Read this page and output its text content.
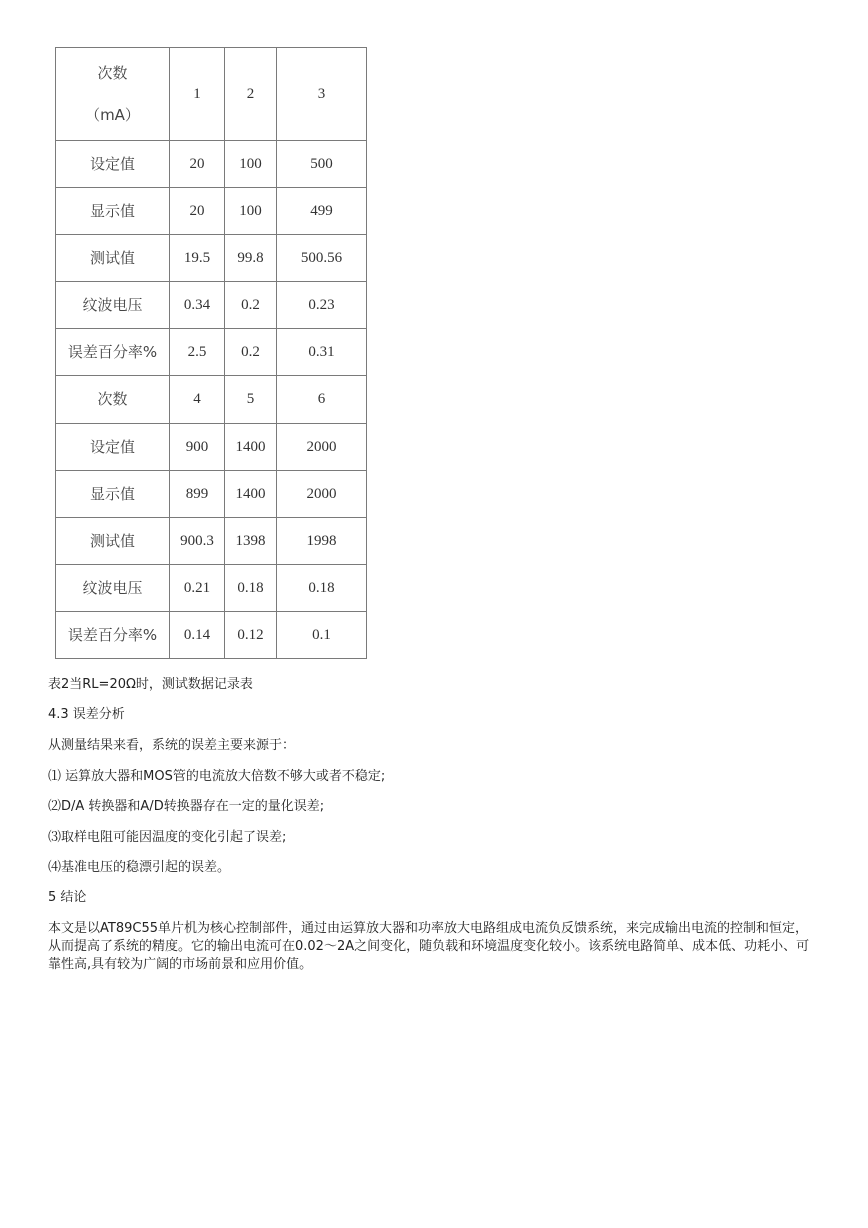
次数
（mA）	1	2	3
设定值	20	100	500
显示值	20	100	499
测试值	19.5	99.8	500.56
纹波电压	0.34	0.2	0.23
误差百分率%	2.5	0.2	0.31
次数	4	5	6
设定值	900	1400	2000
显示值	899	1400	2000
测试值	900.3	1398	1998
纹波电压	0.21	0.18	0.18
误差百分率%	0.14	0.12	0.1
表2当RL=20Ω时，测试数据记录表
4.3 误差分析
从测量结果来看，系统的误差主要来源于：
⑴ 运算放大器和MOS管的电流放大倍数不够大或者不稳定;
⑵D/A 转换器和A/D转换器存在一定的量化误差;
⑶取样电阻可能因温度的变化引起了误差;
⑷基准电压的稳漂引起的误差。
5 结论
本文是以AT89C55单片机为核心控制部件，通过由运算放大器和功率放大电路组成电流负反馈系统，来完成输出电流的控制和恒定，从而提高了系统的精度。它的输出电流可在0.02～2A之间变化，随负载和环境温度变化较小。该系统电路简单、成本低、功耗小、可靠性高,具有较为广阔的市场前景和应用价值。
